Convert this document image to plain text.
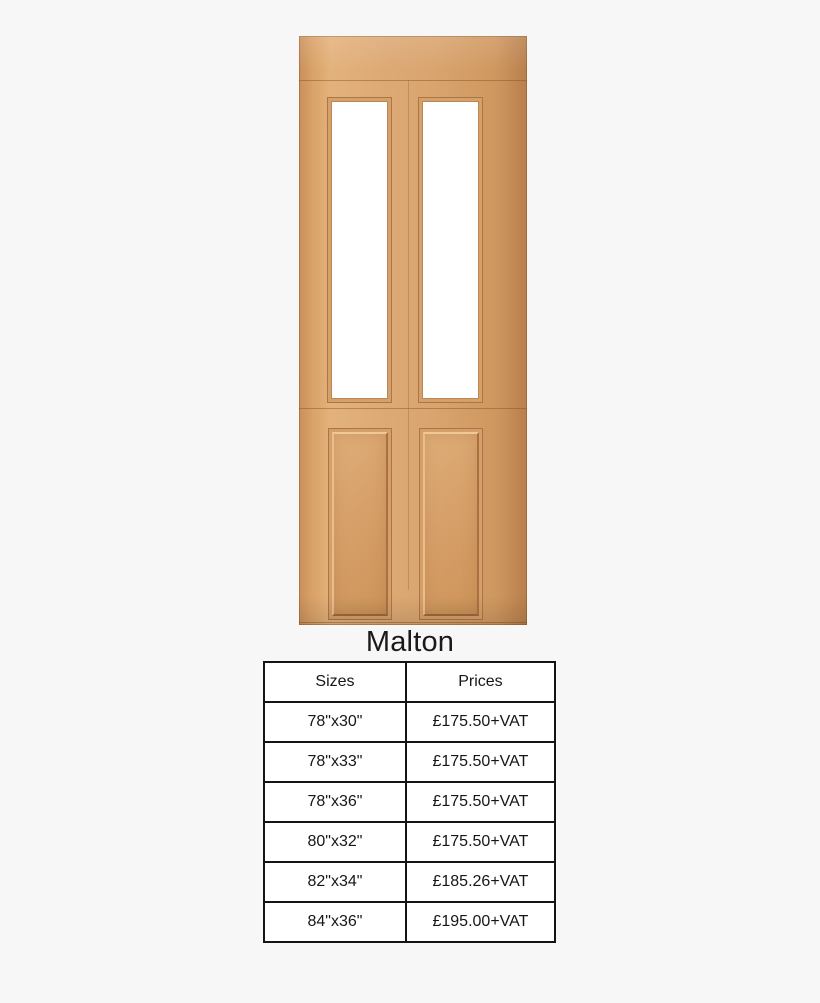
Malton
Sizes	Prices
78"x30"	£175.50+VAT
78"x33"	£175.50+VAT
78"x36"	£175.50+VAT
80"x32"	£175.50+VAT
82"x34"	£185.26+VAT
84"x36"	£195.00+VAT
